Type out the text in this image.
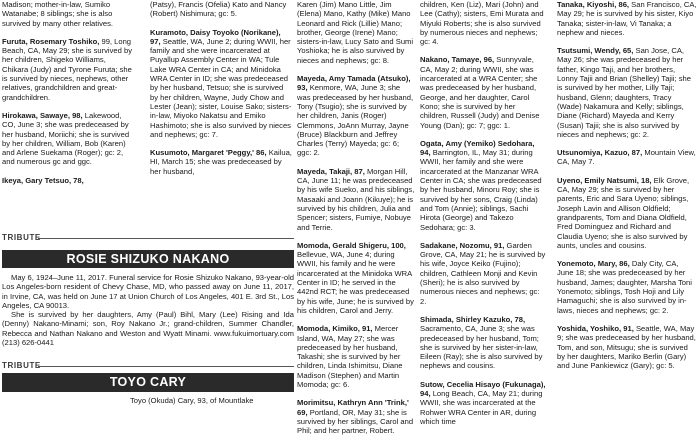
Madison; mother-in-law, Sumiko Watanabe; 8 siblings; she is also survived by many other relatives.

Furuta, Rosemary Toshiko, 99, Long Beach, CA, May 29; she is survived by her children, Shigeko Williams, Chikara (Judy) and Tyrone Furuta; she is survived by nieces, nephews, other relatives, grandchildren and great-grandchildren.

Hirokawa, Sawaye, 98, Lakewood, CO, June 3; she was predeceased by her husband, Moriichi; she is survived by her children, William, Bob (Karen) and Arlene Suekama (Roger); gc: 2, and numerous gc and ggc.

Ikeya, Gary Tetsuo, 78,

(Patsy), Francis (Ofelia) Kato and Nancy (Robert) Nishimura; gc: 5.

Kuramoto, Daisy Toyoko (Norikane), 97, Seattle, WA, June 2; during WWII, her family and she were incarcerated at Puyallup Assembly Center in WA; Tule Lake WRA Center in CA; and Minidoka WRA Center in ID; she was predeceased by her husband, Tetsuo; she is survived by her children, Wayne, Judy Chow and Lester (Jean); sister, Louise Sako; sisters-in-law, Miyoko Nakatsu and Emiko Hashimoto; she is also survived by nieces and nephews; gc: 7.

Kusumoto, Margaret 'Peggy,' 86, Kailua, HI, March 15; she was predeceased by her husband,

TRIBUTE
ROSIE SHIZUKO NAKANO

May 6, 1924–June 11, 2017. Funeral service for Rosie Shizuko Nakano, 93-year-old Los Angeles-born resident of Chevy Chase, MD, who passed away on June 11, 2017, in Irvine, CA, was held on June 17 at Union Church of Los Angeles, 401 E. 3rd St., Los Angeles, CA 90013.

She is survived by her daughters, Amy (Paul) Bihl, Mary (Lee) Rising and Ida (Denny) Nakano-Minami; son, Roy Nakano Jr.; grand-children, Summer Chandler, Rebecca and Nathan Nakano and Weston and Wyatt Minami. www.fukuimortuary.com (213) 626-0441

TRIBUTE
TOYO CARY

Toyo (Okuda) Cary, 93, of Mountlake

Karen (Jim) Mano Little, Jim (Elena) Mano, Kathy (Mike) Mano Leonard and Rick (Lillie) Mano; brother, George (Irene) Mano; sisters-in-law, Lucy Sato and Sumi Yoshioka; he is also survived by nieces and nephews; gc: 8.

Mayeda, Amy Tamada (Atsuko), 93, Kenmore, WA, June 3; she was predeceased by her husband, Tony (Tsugio); she is survived by her children, Janis (Roger) Clemmons, JoAnn Murray, Jayne (Bruce) Blackburn and Jeffrey Charles (Terry) Mayeda; gc: 6; ggc: 2.

Mayeda, Takaji, 87, Morgan Hill, CA, June 11; he was predeceased by his wife Sueko, and his siblings, Masaaki and Joann (Kikuye); he is survived by his children, Julia and Spencer; sisters, Fumiye, Nobuye and Terrie.

Momoda, Gerald Shigeru, 100, Bellevue, WA, June 4; during WWII, his family and he were incarcerated at the Minidoka WRA Center in ID; he served in the 442nd RCT; he was predeceased by his wife, June; he is survived by his children, Carol and Jerry.

Momoda, Kimiko, 91, Mercer Island, WA, May 27; she was predeceased by her husband, Takashi; she is survived by her children, Linda Ishimitsu, Diane Madison (Stephen) and Martin Momoda; gc: 6.

Morimitsu, Kathryn Ann 'Trink,' 69, Portland, OR, May 31; she is survived by her siblings, Carol and Phil; and her partner, Robert.

children, Ken (Liz), Mari (John) and Lee (Cathy); sisters, Emi Murata and Miyuki Roberts; she is also survived by numerous nieces and nephews; gc: 4.

Nakano, Tamaye, 96, Sunnyvale, CA, May 2; during WWII, she was incarcerated at a WRA Center; she was predeceased by her husband, George, and her daughter, Carol Kono; she is survived by her children, Russell (Judy) and Denise Young (Dan); gc: 7; ggc: 1.

Ogata, Amy (Yemiko) Sedohara, 94, Barrington, IL, May 31; during WWII, her family and she were incarcerated at the Manzanar WRA Center in CA; she was predeceased by her husband, Minoru Roy; she is survived by her sons, Craig (Linda) and Tom (Annie); siblings, Sachi Hirota (George) and Takezo Sedohara; gc: 3.

Sadakane, Nozomu, 91, Garden Grove, CA, May 21; he is survived by his wife, Joyce Keiko (Fujino); children, Cathleen Monji and Kevin (Sheri); he is also survived by numerous nieces and nephews; gc: 2.

Shimada, Shirley Kazuko, 78, Sacramento, CA, June 3; she was predeceased by her husband, Tom; she is survived by her sister-in-law, Eileen (Ray); she is also survived by nephews and cousins.

Sutow, Cecelia Hisayo (Fukunaga), 94, Long Beach, CA, May 21; during WWII, she was incarcerated at the Rohwer WRA Center in AR, during which time

Tanaka, Kiyoshi, 86, San Francisco, CA, May 29; he is survived by his sister, Kiyo Tanaka; sister-in-law, Vi Tanaka; a nephew and nieces.

Tsutsumi, Wendy, 65, San Jose, CA, May 26; she was predeceased by her father, Kingo Taji, and her brothers, Lonny Tajii and Brian (Shelley) Tajii; she is survived by her mother, Lilly Taji; husband, Glenn; daughters, Tracy (Wade) Nakamura and Kelly; siblings, Diane (Richard) Mayeda and Kerry (Susan) Tajii; she is also survived by nieces and nephews; gc: 2.

Utsunomiya, Kazuo, 87, Mountain View, CA, May 7.

Uyeno, Emily Natsumi, 18, Elk Grove, CA, May 29; she is survived by her parents, Eric and Sara Uyeno; siblings, Joseph Lavin and Allison Oldfield; grandparents, Tom and Diana Oldfield, Fred Dominguez and Richard and Claudia Uyeno; she is also survived by aunts, uncles and cousins.

Yonemoto, Mary, 86, Daly City, CA, June 18; she was predeceased by her husband, James; daughter, Marsha Toni Yonemoto; siblings, Tosh Hoji and Lily Hamaguchi; she is also survived by in-laws, nieces and nephews; gc: 2.

Yoshida, Yoshiko, 91, Seattle, WA, May 9; she was predeceased by her husband, Tom, and son, Mitsugu; she is survived by her daughters, Mariko Berlin (Gary) and June Pankiewicz (Gary); gc: 5.
